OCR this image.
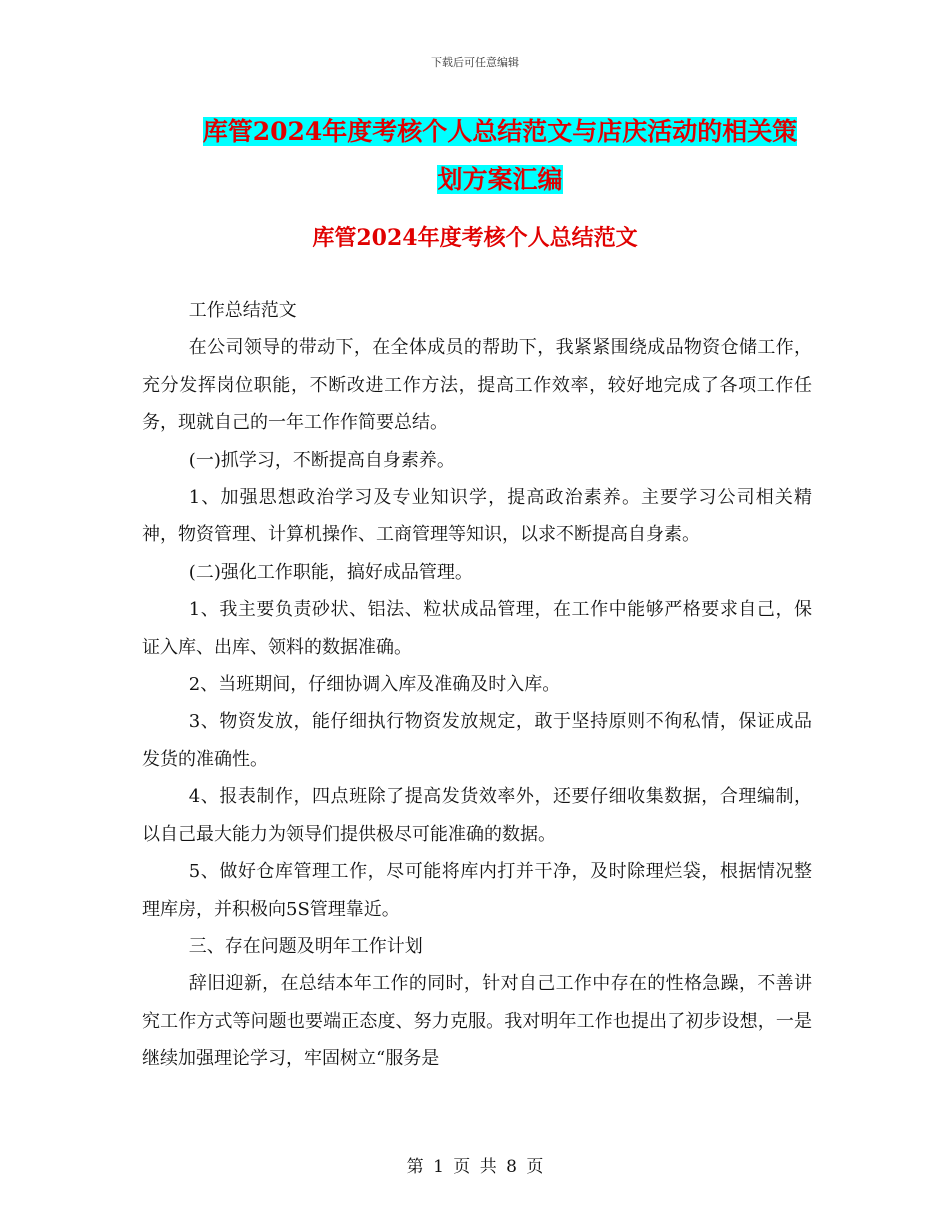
下载后可任意编辑
库管2024年度考核个人总结范文与店庆活动的相关策
划方案汇编
库管2024年度考核个人总结范文

工作总结范文

在公司领导的带动下，在全体成员的帮助下，我紧紧围绕成品物资仓储工作，充分发挥岗位职能，不断改进工作方法，提高工作效率，较好地完成了各项工作任务，现就自己的一年工作作简要总结。

(一)抓学习，不断提高自身素养。

1、加强思想政治学习及专业知识学，提高政治素养。主要学习公司相关精神，物资管理、计算机操作、工商管理等知识，以求不断提高自身素。

(二)强化工作职能，搞好成品管理。

1、我主要负责砂状、铝法、粒状成品管理，在工作中能够严格要求自己，保证入库、出库、领料的数据准确。

2、当班期间，仔细协调入库及准确及时入库。

3、物资发放，能仔细执行物资发放规定，敢于坚持原则不徇私情，保证成品发货的准确性。

4、报表制作，四点班除了提高发货效率外，还要仔细收集数据，合理编制，以自己最大能力为领导们提供极尽可能准确的数据。

5、做好仓库管理工作，尽可能将库内打并干净，及时除理烂袋，根据情况整理库房，并积极向5S管理靠近。

三、存在问题及明年工作计划

辞旧迎新，在总结本年工作的同时，针对自己工作中存在的性格急躁，不善讲究工作方式等问题也要端正态度、努力克服。我对明年工作也提出了初步设想，一是继续加强理论学习，牢固树立“服务是

第 1 页 共 8 页
